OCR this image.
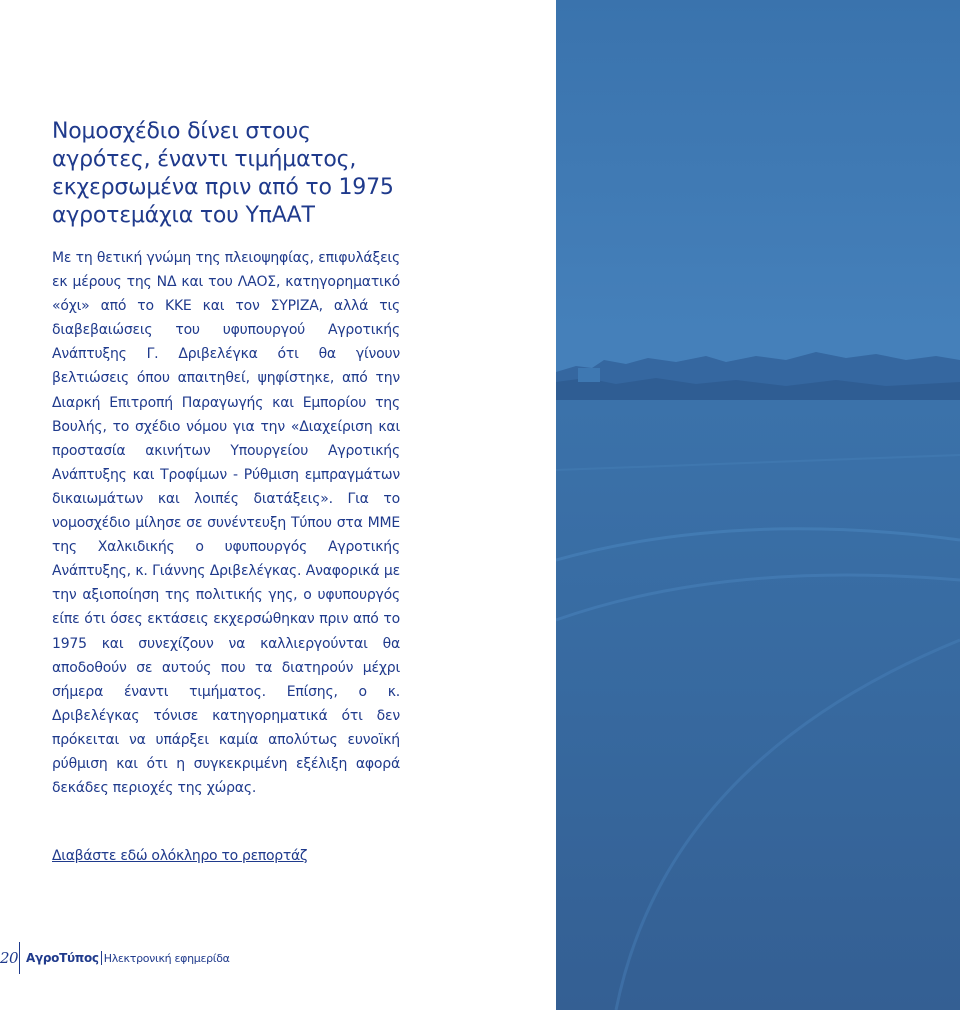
Νομοσχέδιο δίνει στους αγρότες, έναντι τιμήματος, εκχερσωμένα πριν από το 1975 αγροτεμάχια του ΥπΑΑΤ

Με τη θετική γνώμη της πλειοψηφίας, επιφυλάξεις εκ μέρους της ΝΔ και του ΛΑΟΣ, κατηγορηματικό «όχι» από το ΚΚΕ και τον ΣΥΡΙΖΑ, αλλά τις διαβεβαιώσεις του υφυπουργού Αγροτικής Ανάπτυξης Γ. Δριβελέγκα ότι θα γίνουν βελτιώσεις όπου απαιτηθεί, ψηφίστηκε, από την Διαρκή Επιτροπή Παραγωγής και Εμπορίου της Βουλής, το σχέδιο νόμου για την «Διαχείριση και προστασία ακινήτων Υπουργείου Αγροτικής Ανάπτυξης και Τροφίμων - Ρύθμιση εμπραγμάτων δικαιωμάτων και λοιπές διατάξεις». Για το νομοσχέδιο μίλησε σε συνέντευξη Τύπου στα ΜΜΕ της Χαλκιδικής ο υφυπουργός Αγροτικής Ανάπτυξης, κ. Γιάννης Δριβελέγκας. Αναφορικά με την αξιοποίηση της πολιτικής γης, ο υφυπουργός είπε ότι όσες εκτάσεις εκχερσώθηκαν πριν από το 1975 και συνεχίζουν να καλλιεργούνται θα αποδοθούν σε αυτούς που τα διατηρούν μέχρι σήμερα έναντι τιμήματος. Επίσης, ο κ. Δριβελέγκας τόνισε κατηγορηματικά ότι δεν πρόκειται να υπάρξει καμία απολύτως ευνοϊκή ρύθμιση και ότι η συγκεκριμένη εξέλιξη αφορά δεκάδες περιοχές της χώρας.

Διαβάστε εδώ ολόκληρο το ρεπορτάζ
20 ΑγροΤύπος Ηλεκτρονική εφημερίδα
